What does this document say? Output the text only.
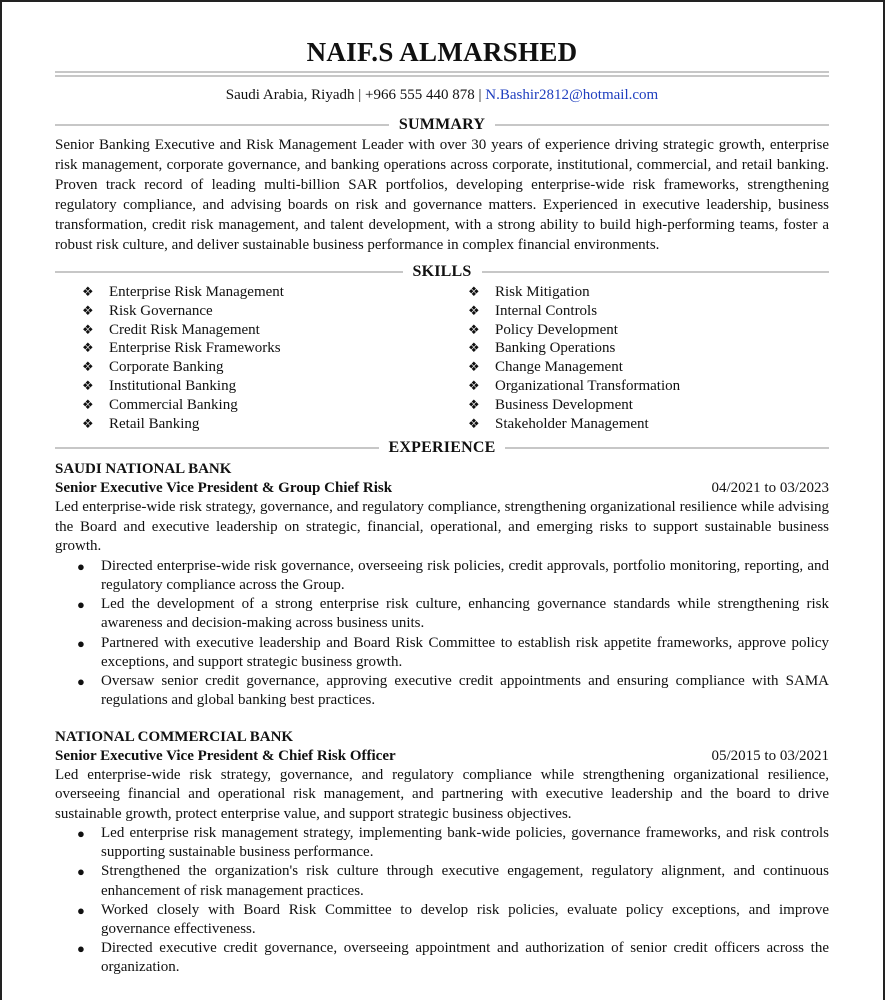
NAIF.S ALMARSHED
Saudi Arabia, Riyadh | +966 555 440 878 | N.Bashir2812@hotmail.com
SUMMARY

Senior Banking Executive and Risk Management Leader with over 30 years of experience driving strategic growth, enterprise risk management, corporate governance, and banking operations across corporate, institutional, commercial, and retail banking. Proven track record of leading multi-billion SAR portfolios, developing enterprise-wide risk frameworks, strengthening regulatory compliance, and advising boards on risk and governance matters. Experienced in executive leadership, business transformation, credit risk management, and talent development, with a strong ability to build high-performing teams, foster a robust risk culture, and deliver sustainable business performance in complex financial environments.

SKILLS
❖	Enterprise Risk Management
❖	Risk Governance
❖	Credit Risk Management
❖	Enterprise Risk Frameworks
❖	Corporate Banking
❖	Institutional Banking
❖	Commercial Banking
❖	Retail Banking
❖	Risk Mitigation
❖	Internal Controls
❖	Policy Development
❖	Banking Operations
❖	Change Management
❖	Organizational Transformation
❖	Business Development
❖	Stakeholder Management
EXPERIENCE
SAUDI NATIONAL BANK
Senior Executive Vice President & Group Chief Risk	04/2021 to 03/2023

Led enterprise-wide risk strategy, governance, and regulatory compliance, strengthening organizational resilience while advising the Board and executive leadership on strategic, financial, operational, and emerging risks to support sustainable business growth.

●	Directed enterprise-wide risk governance, overseeing risk policies, credit approvals, portfolio monitoring, reporting, and regulatory compliance across the Group.
●	Led the development of a strong enterprise risk culture, enhancing governance standards while strengthening risk awareness and decision-making across business units.
●	Partnered with executive leadership and Board Risk Committee to establish risk appetite frameworks, approve policy exceptions, and support strategic business growth.
●	Oversaw senior credit governance, approving executive credit appointments and ensuring compliance with SAMA regulations and global banking best practices.
NATIONAL COMMERCIAL BANK
Senior Executive Vice President & Chief Risk Officer	05/2015 to 03/2021

Led enterprise-wide risk strategy, governance, and regulatory compliance while strengthening organizational resilience, overseeing financial and operational risk management, and partnering with executive leadership and the board to drive sustainable growth, protect enterprise value, and support strategic business objectives.

●	Led enterprise risk management strategy, implementing bank-wide policies, governance frameworks, and risk controls supporting sustainable business performance.
●	Strengthened the organization's risk culture through executive engagement, regulatory alignment, and continuous enhancement of risk management practices.
●	Worked closely with Board Risk Committee to develop risk policies, evaluate policy exceptions, and improve governance effectiveness.
●	Directed executive credit governance, overseeing appointment and authorization of senior credit officers across the organization.
